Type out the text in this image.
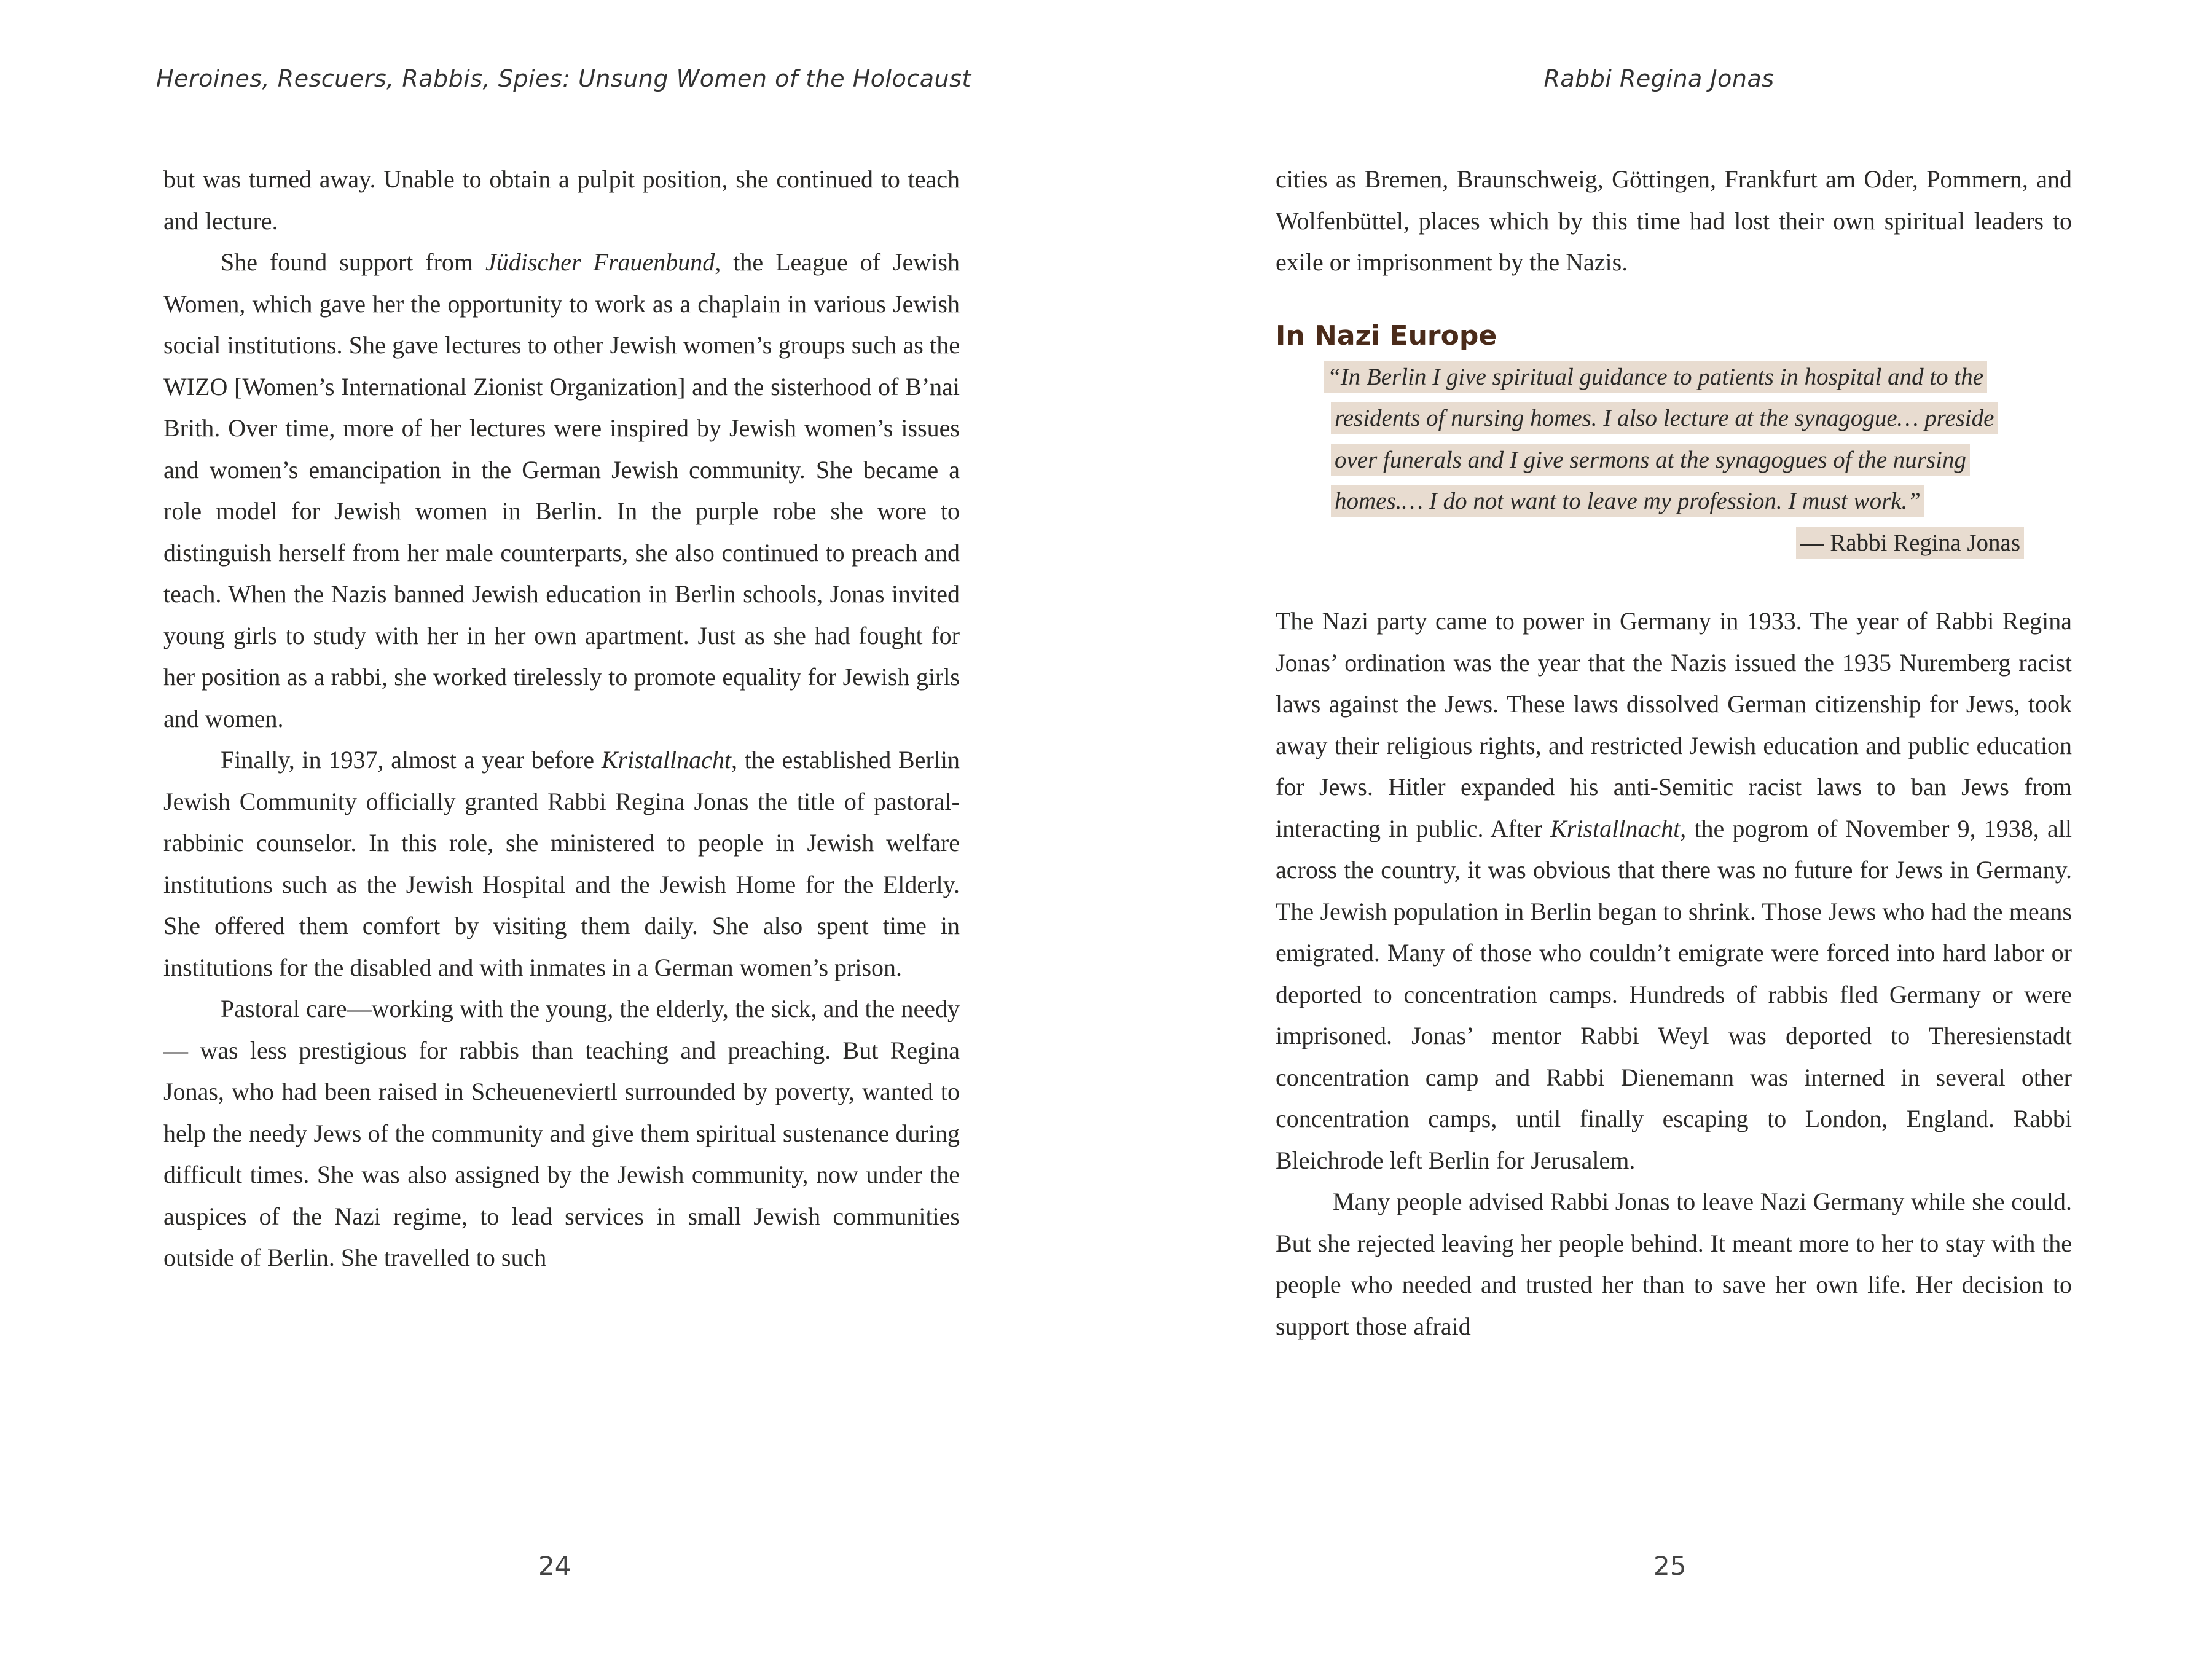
Heroines, Rescuers, Rabbis, Spies: Unsung Women of the Holocaust

but was turned away. Unable to obtain a pulpit position, she continued to teach and lecture.

She found support from Jüdischer Frauenbund, the League of Jewish Women, which gave her the opportunity to work as a chaplain in various Jewish social institutions. She gave lectures to other Jewish women’s groups such as the WIZO [Women’s International Zionist Organization] and the sisterhood of B’nai Brith. Over time, more of her lectures were inspired by Jewish women’s issues and women’s emancipation in the German Jewish community. She became a role model for Jewish women in Berlin. In the purple robe she wore to distinguish herself from her male counterparts, she also continued to preach and teach. When the Nazis banned Jewish education in Berlin schools, Jonas invited young girls to study with her in her own apartment. Just as she had fought for her position as a rabbi, she worked tirelessly to promote equality for Jewish girls and women.

Finally, in 1937, almost a year before Kristallnacht, the established Berlin Jewish Community officially granted Rabbi Regina Jonas the title of pastoral-rabbinic counselor. In this role, she ministered to people in Jewish welfare institutions such as the Jewish Hospital and the Jewish Home for the Elderly. She offered them comfort by visiting them daily. She also spent time in institutions for the disabled and with inmates in a German women’s prison.

Pastoral care—working with the young, the elderly, the sick, and the needy— was less prestigious for rabbis than teaching and preaching. But Regina Jonas, who had been raised in Scheueneviertl surrounded by poverty, wanted to help the needy Jews of the community and give them spiritual sustenance during difficult times. She was also assigned by the Jewish community, now under the auspices of the Nazi regime, to lead services in small Jewish communities outside of Berlin. She travelled to such

24
Rabbi Regina Jonas

cities as Bremen, Braunschweig, Göttingen, Frankfurt am Oder, Pommern, and Wolfenbüttel, places which by this time had lost their own spiritual leaders to exile or imprisonment by the Nazis.

In Nazi Europe
“In Berlin I give spiritual guidance to patients in hospital and to the
residents of nursing homes. I also lecture at the synagogue… preside
over funerals and I give sermons at the synagogues of the nursing
homes.… I do not want to leave my profession. I must work.”
— Rabbi Regina Jonas

The Nazi party came to power in Germany in 1933. The year of Rabbi Regina Jonas’ ordination was the year that the Nazis issued the 1935 Nuremberg racist laws against the Jews. These laws dissolved German citizenship for Jews, took away their religious rights, and restricted Jewish education and public education for Jews. Hitler expanded his anti-Semitic racist laws to ban Jews from interacting in public. After Kristallnacht, the pogrom of November 9, 1938, all across the country, it was obvious that there was no future for Jews in Germany. The Jewish population in Berlin began to shrink. Those Jews who had the means emigrated. Many of those who couldn’t emigrate were forced into hard labor or deported to concentration camps. Hundreds of rabbis fled Germany or were imprisoned. Jonas’ mentor Rabbi Weyl was deported to Theresienstadt concentration camp and Rabbi Dienemann was interned in several other concentration camps, until finally escaping to London, England. Rabbi Bleichrode left Berlin for Jerusalem.

Many people advised Rabbi Jonas to leave Nazi Germany while she could. But she rejected leaving her people behind. It meant more to her to stay with the people who needed and trusted her than to save her own life. Her decision to support those afraid

25
